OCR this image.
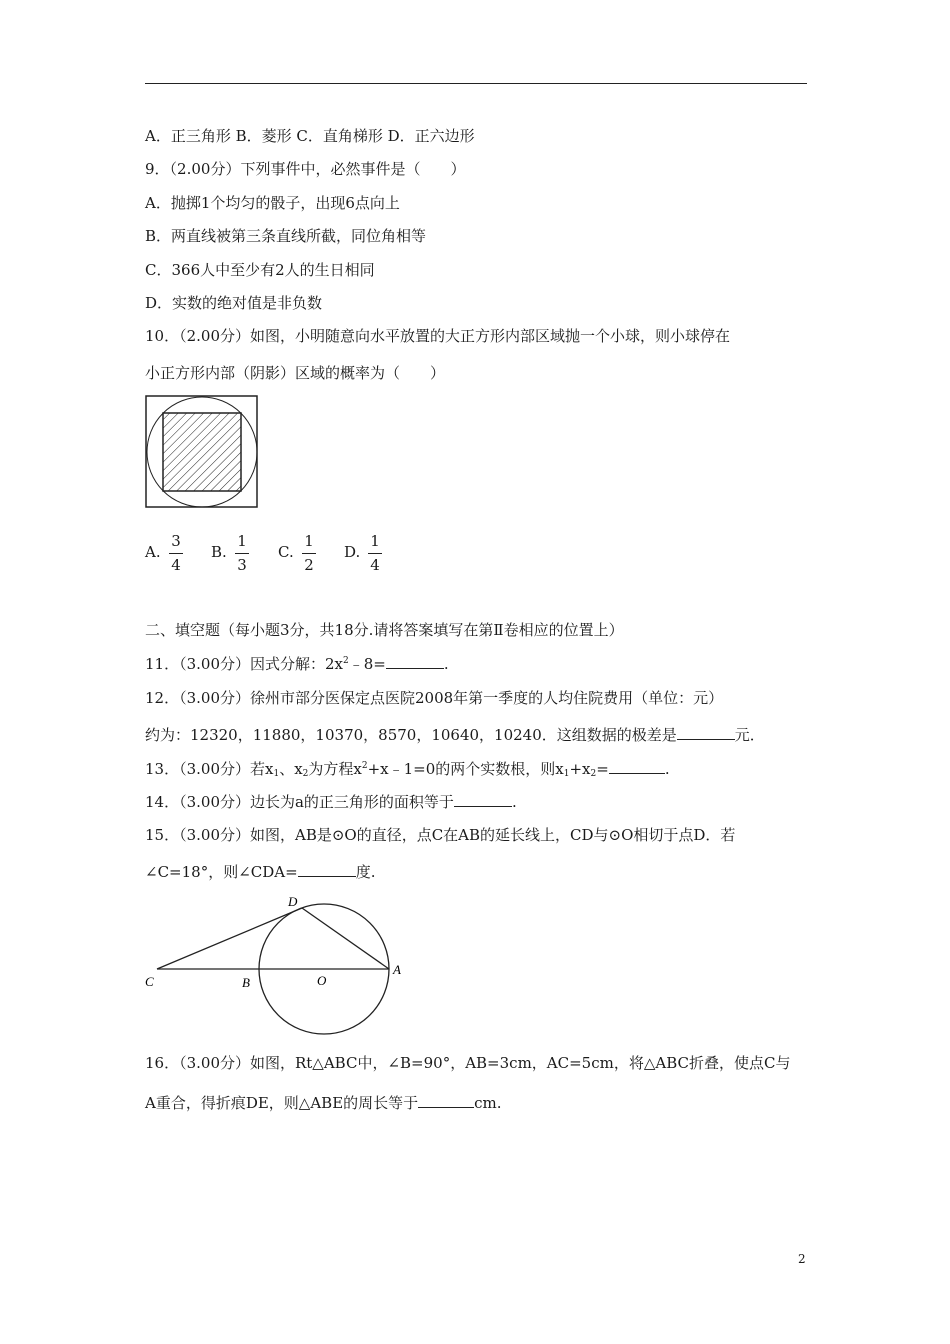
A．正三角形 B．菱形 C．直角梯形 D．正六边形
9．（2.00分）下列事件中，必然事件是（　　）
A．抛掷1个均匀的骰子，出现6点向上
B．两直线被第三条直线所截，同位角相等
C．366人中至少有2人的生日相同
D．实数的绝对值是非负数
10．（2.00分）如图，小明随意向水平放置的大正方形内部区域抛一个小球，则小球停在
小正方形内部（阴影）区域的概率为（　　）
A.
3
4
B.
1
3
C.
1
2
D.
1
4
二、填空题（每小题3分，共18分.请将答案填写在第Ⅱ卷相应的位置上）
11．（3.00分）因式分解：$2x^2﹣8=$	.
12．（3.00分）徐州市部分医保定点医院2008年第一季度的人均住院费用（单位：元）
约为：12320，11880，10370，8570，10640，10240．这组数据的极差是	元．
13．（3.00分）若$x_1$、$x_2$为方程$x^2+x﹣1=0$的两个实数根，则$x_1+x_2=$	.
14．（3.00分）边长为a的正三角形的面积等于	.
15．（3.00分）如图，AB是⊙O的直径，点C在AB的延长线上，CD与⊙O相切于点D．若
∠C=18°，则∠CDA=	度.
C	B	O
A
D
16．（3.00分）如图，Rt△ABC中，∠B=90°，AB=3cm，AC=5cm，将△ABC折叠，使点C与
A重合，得折痕DE，则△ABE的周长等于	cm.
2
